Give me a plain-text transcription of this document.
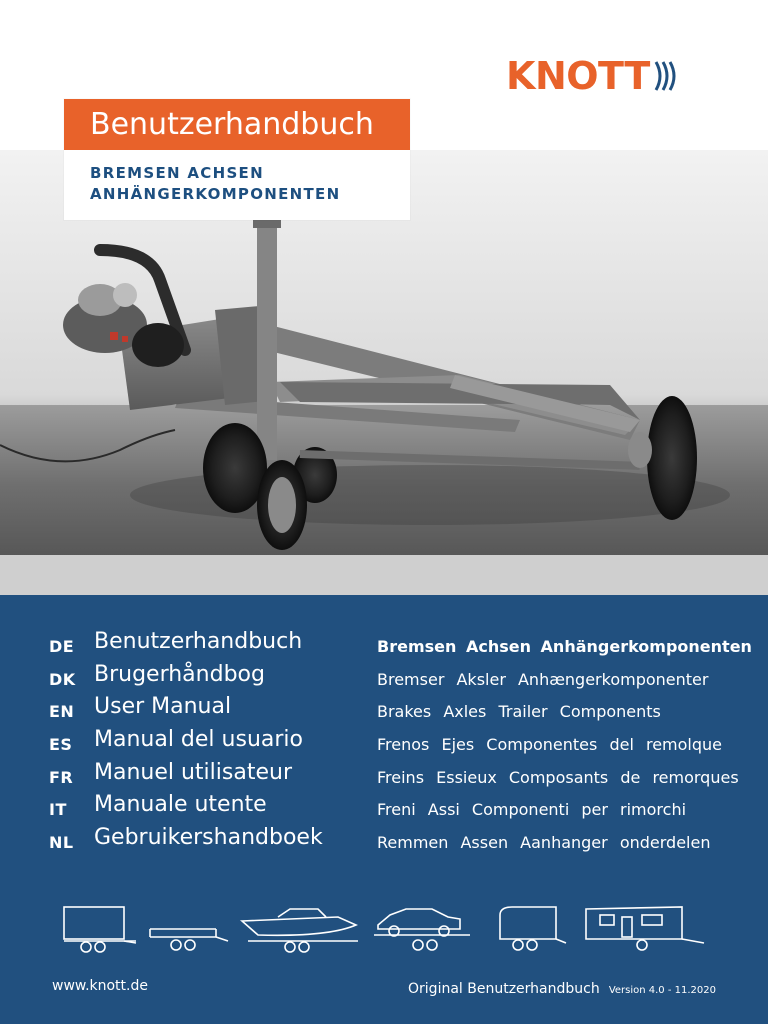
KNOTT
Benutzerhandbuch
BREMSEN ACHSEN
ANHÄNGERKOMPONENTEN
DE Benutzerhandbuch	Bremsen Achsen Anhängerkomponenten
DK Brugerhåndbog	Bremser Aksler Anhængerkomponenter
EN User Manual	Brakes Axles Trailer Components
ES Manual del usuario	Frenos Ejes Componentes del remolque
FR Manuel utilisateur	Freins Essieux Composants de remorques
IT Manuale utente	Freni Assi Componenti per rimorchi
NL Gebruikershandboek	Remmen Assen Aanhanger onderdelen
www.knott.de	Original Benutzerhandbuch Version 4.0 - 11.2020
